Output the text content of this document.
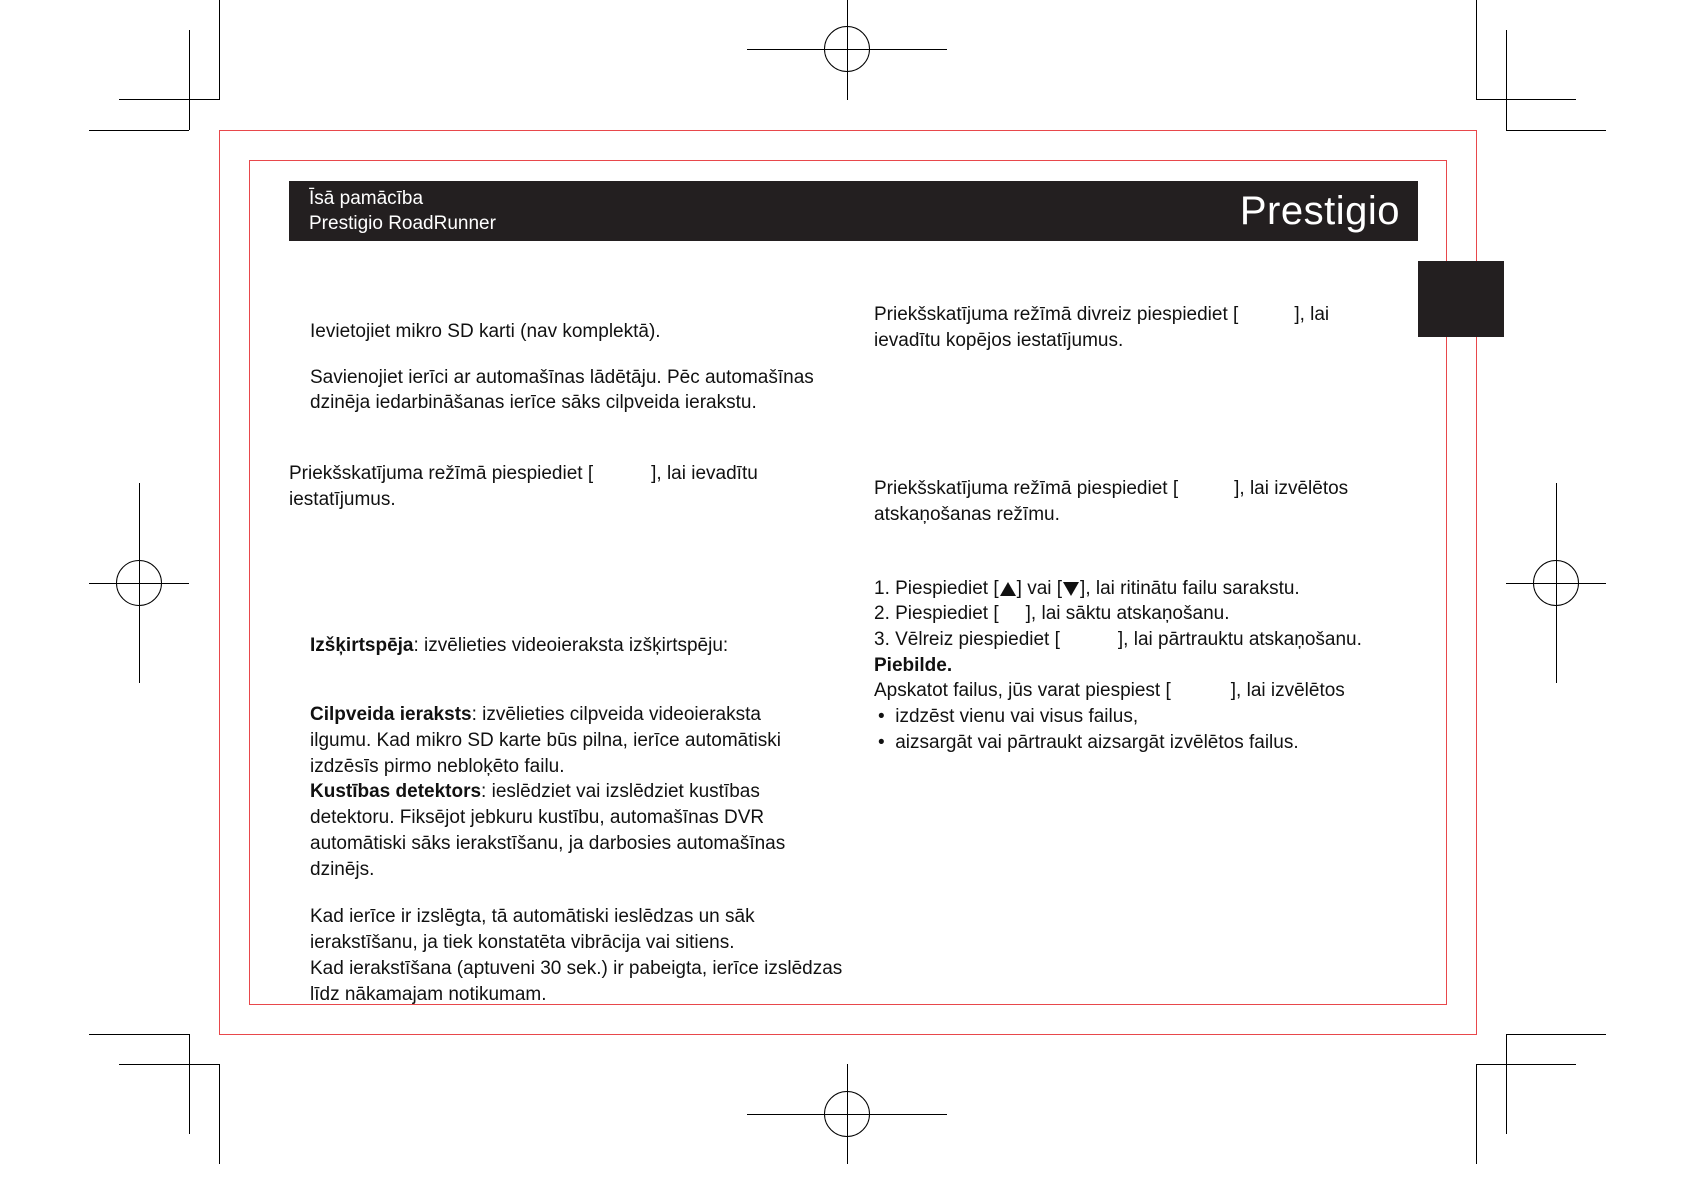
Īsā pamācība
Prestigio RoadRunner	Prestigio
Ievietojiet mikro SD karti (nav komplektā).
Savienojiet ierīci ar automašīnas lādētāju. Pēc automašīnas
dzinēja iedarbināšanas ierīce sāks cilpveida ierakstu.
Priekšskatījuma režīmā piespiediet [	], lai ievadītu
iestatījumus.
Izšķirtspēja: izvēlieties videoieraksta izšķirtspēju:
Cilpveida ieraksts: izvēlieties cilpveida videoieraksta
ilgumu. Kad mikro SD karte būs pilna, ierīce automātiski
izdzēsīs pirmo nebloķēto failu.
Kustības detektors: ieslēdziet vai izslēdziet kustības
detektoru. Fiksējot jebkuru kustību, automašīnas DVR
automātiski sāks ierakstīšanu, ja darbosies automašīnas
dzinējs.
Kad ierīce ir izslēgta, tā automātiski ieslēdzas un sāk
ierakstīšanu, ja tiek konstatēta vibrācija vai sitiens.
Kad ierakstīšana (aptuveni 30 sek.) ir pabeigta, ierīce izslēdzas
līdz nākamajam notikumam.
Priekšskatījuma režīmā divreiz piespiediet [	], lai
ievadītu kopējos iestatījumus.
Priekšskatījuma režīmā piespiediet [	], lai izvēlētos
atskaņošanas režīmu.
1. Piespiediet [ ] vai [ ], lai ritinātu failu sarakstu.
2. Piespiediet [ ], lai sāktu atskaņošanu.
3. Vēlreiz piespiediet [	], lai pārtrauktu atskaņošanu.
Piebilde.
Apskatot failus, jūs varat piespiest [	], lai izvēlētos
• izdzēst vienu vai visus failus,
• aizsargāt vai pārtraukt aizsargāt izvēlētos failus.
